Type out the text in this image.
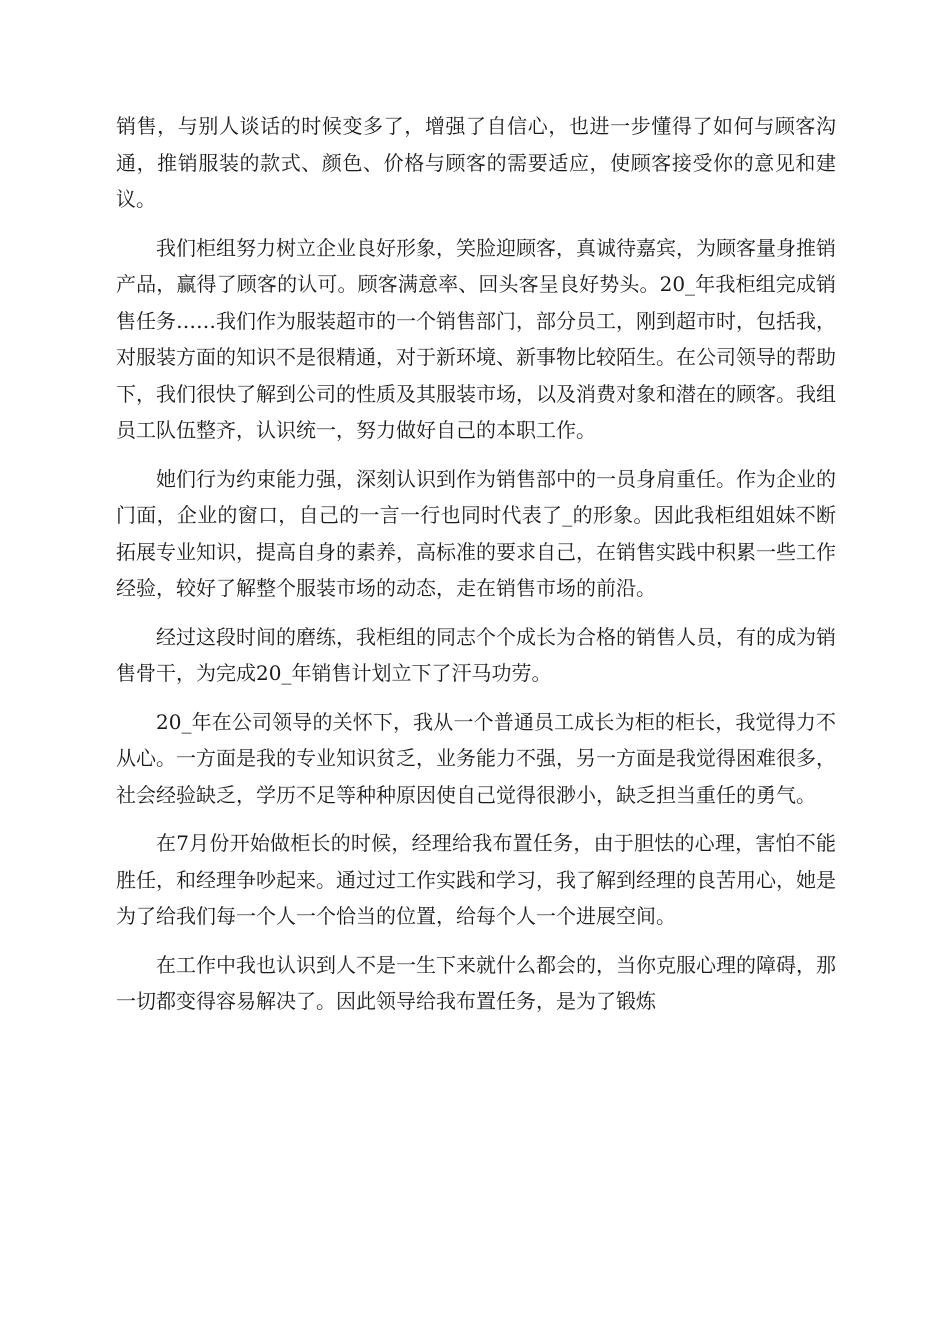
销售，与别人谈话的时候变多了，增强了自信心，也进一步懂得了如何与顾客沟通，推销服装的款式、颜色、价格与顾客的需要适应，使顾客接受你的意见和建议。

我们柜组努力树立企业良好形象，笑脸迎顾客，真诚待嘉宾，为顾客量身推销产品，赢得了顾客的认可。顾客满意率、回头客呈良好势头。20_年我柜组完成销售任务……我们作为服装超市的一个销售部门，部分员工，刚到超市时，包括我，对服装方面的知识不是很精通，对于新环境、新事物比较陌生。在公司领导的帮助下，我们很快了解到公司的性质及其服装市场，以及消费对象和潜在的顾客。我组员工队伍整齐，认识统一，努力做好自己的本职工作。

她们行为约束能力强，深刻认识到作为销售部中的一员身肩重任。作为企业的门面，企业的窗口，自己的一言一行也同时代表了_的形象。因此我柜组姐妹不断拓展专业知识，提高自身的素养，高标准的要求自己，在销售实践中积累一些工作经验，较好了解整个服装市场的动态，走在销售市场的前沿。

经过这段时间的磨练，我柜组的同志个个成长为合格的销售人员，有的成为销售骨干，为完成20_年销售计划立下了汗马功劳。

20_年在公司领导的关怀下，我从一个普通员工成长为柜的柜长，我觉得力不从心。一方面是我的专业知识贫乏，业务能力不强，另一方面是我觉得困难很多，社会经验缺乏，学历不足等种种原因使自己觉得很渺小，缺乏担当重任的勇气。

在7月份开始做柜长的时候，经理给我布置任务，由于胆怯的心理，害怕不能胜任，和经理争吵起来。通过过工作实践和学习，我了解到经理的良苦用心，她是为了给我们每一个人一个恰当的位置，给每个人一个进展空间。

在工作中我也认识到人不是一生下来就什么都会的，当你克服心理的障碍，那一切都变得容易解决了。因此领导给我布置任务，是为了锻炼
